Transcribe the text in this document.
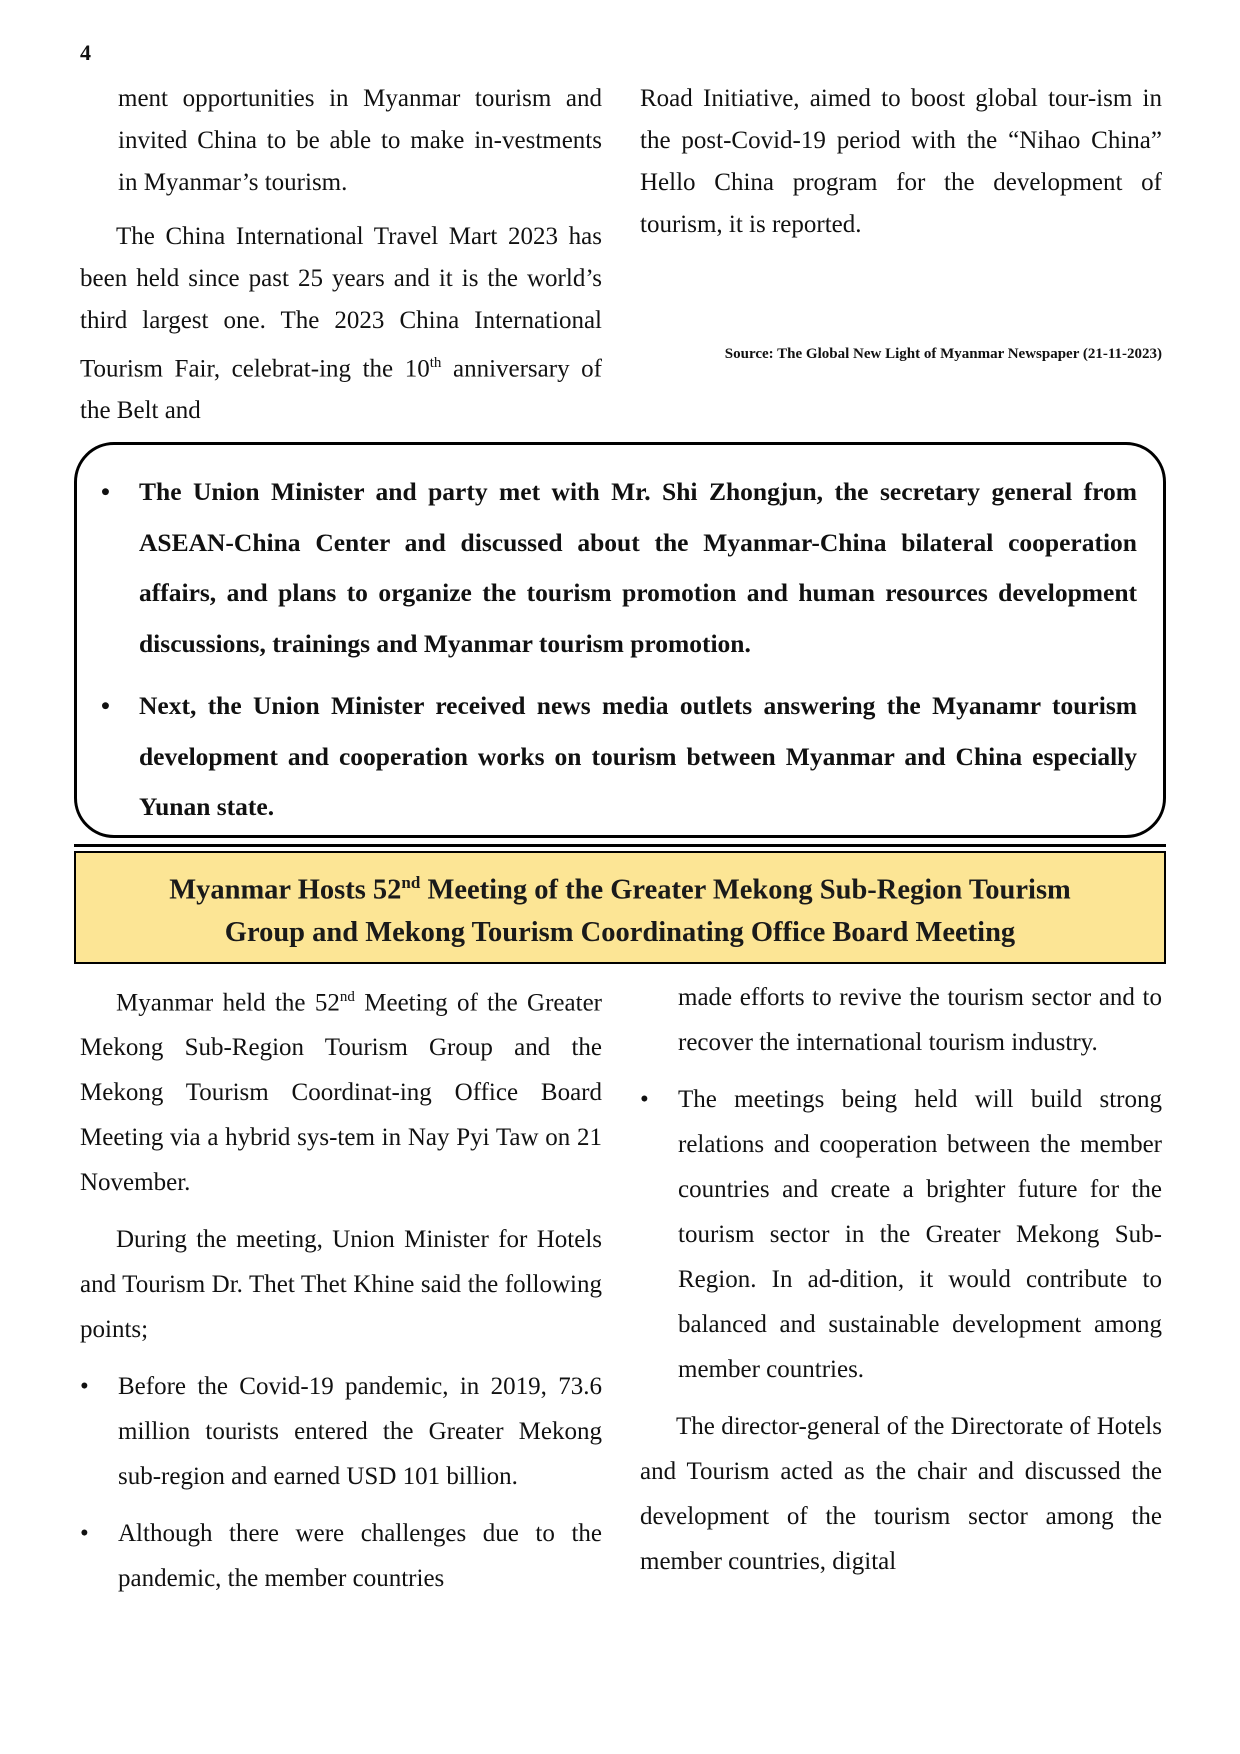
4

ment opportunities in Myanmar tourism and invited China to be able to make in-vestments in Myanmar’s tourism.

The China International Travel Mart 2023 has been held since past 25 years and it is the world’s third largest one. The 2023 China International Tourism Fair, celebrat-ing the 10th anniversary of the Belt and

Road Initiative, aimed to boost global tour-ism in the post-Covid-19 period with the “Nihao China” Hello China program for the development of tourism, it is reported.

Source: The Global New Light of Myanmar Newspaper (21-11-2023)
• The Union Minister and party met with Mr. Shi Zhongjun, the secretary general from ASEAN-China Center and discussed about the Myanmar-China bilateral cooperation affairs, and plans to organize the tourism promotion and human resources development discussions, trainings and Myanmar tourism promotion.
• Next, the Union Minister received news media outlets answering the Myanamr tourism development and cooperation works on tourism between Myanmar and China especially Yunan state.
Myanmar Hosts 52nd Meeting of the Greater Mekong Sub-Region Tourism
Group and Mekong Tourism Coordinating Office Board Meeting

Myanmar held the 52nd Meeting of the Greater Mekong Sub-Region Tourism Group and the Mekong Tourism Coordinat-ing Office Board Meeting via a hybrid sys-tem in Nay Pyi Taw on 21 November.

During the meeting, Union Minister for Hotels and Tourism Dr. Thet Thet Khine said the following points;

• Before the Covid-19 pandemic, in 2019, 73.6 million tourists entered the Greater Mekong sub-region and earned USD 101 billion.
• Although there were challenges due to the pandemic, the member countries

made efforts to revive the tourism sector and to recover the international tourism industry.

• The meetings being held will build strong relations and cooperation between the member countries and create a brighter future for the tourism sector in the Greater Mekong Sub-Region. In ad-dition, it would contribute to balanced and sustainable development among member countries.

The director-general of the Directorate of Hotels and Tourism acted as the chair and discussed the development of the tourism sector among the member countries, digital
